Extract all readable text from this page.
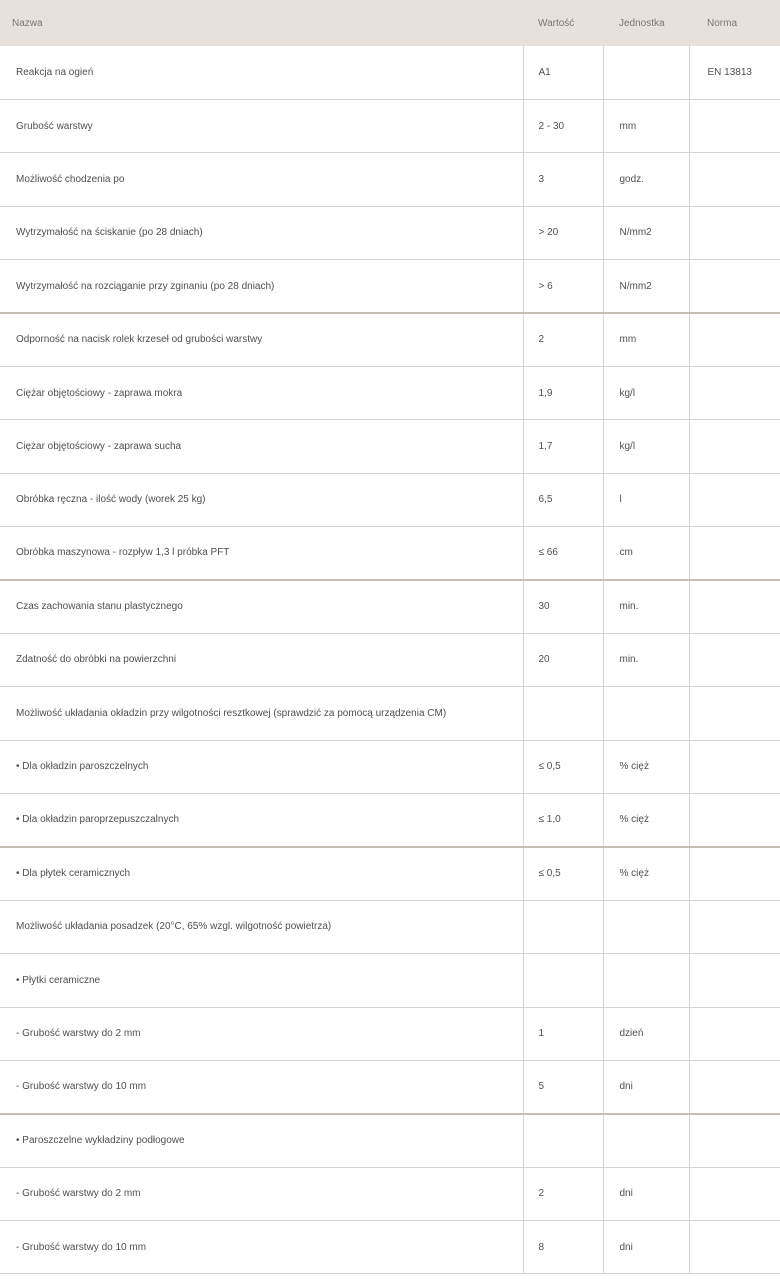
Nazwa	Wartość	Jednostka	Norma
Reakcja na ogień	A1		EN 13813
Grubość warstwy	2 - 30	mm	
Możliwość chodzenia po	3	godz.	
Wytrzymałość na ściskanie (po 28 dniach)	> 20	N/mm2	
Wytrzymałość na rozciąganie przy zginaniu (po 28 dniach)	> 6	N/mm2	
Odporność na nacisk rolek krzeseł od grubości warstwy	2	mm	
Ciężar objętościowy - zaprawa mokra	1,9	kg/l	
Ciężar objętościowy - zaprawa sucha	1,7	kg/l	
Obróbka ręczna - ilość wody (worek 25 kg)	6,5	l	
Obróbka maszynowa - rozpływ 1,3 l próbka PFT	≤ 66	cm	
Czas zachowania stanu plastycznego	30	min.	
Zdatność do obróbki na powierzchni	20	min.	
Możliwość układania okładzin przy wilgotności resztkowej (sprawdzić za pomocą urządzenia CM)			
• Dla okładzin paroszczelnych	≤ 0,5	% cięż	
• Dla okładzin paroprzepuszczalnych	≤ 1,0	% cięż	
• Dla płytek ceramicznych	≤ 0,5	% cięż	
Możliwość układania posadzek (20°C, 65% wzgl. wilgotność powietrza)			
• Płytki ceramiczne			
- Grubość warstwy do 2 mm	1	dzień	
- Grubość warstwy do 10 mm	5	dni	
• Paroszczelne wykładziny podłogowe			
- Grubość warstwy do 2 mm	2	dni	
- Grubość warstwy do 10 mm	8	dni	
